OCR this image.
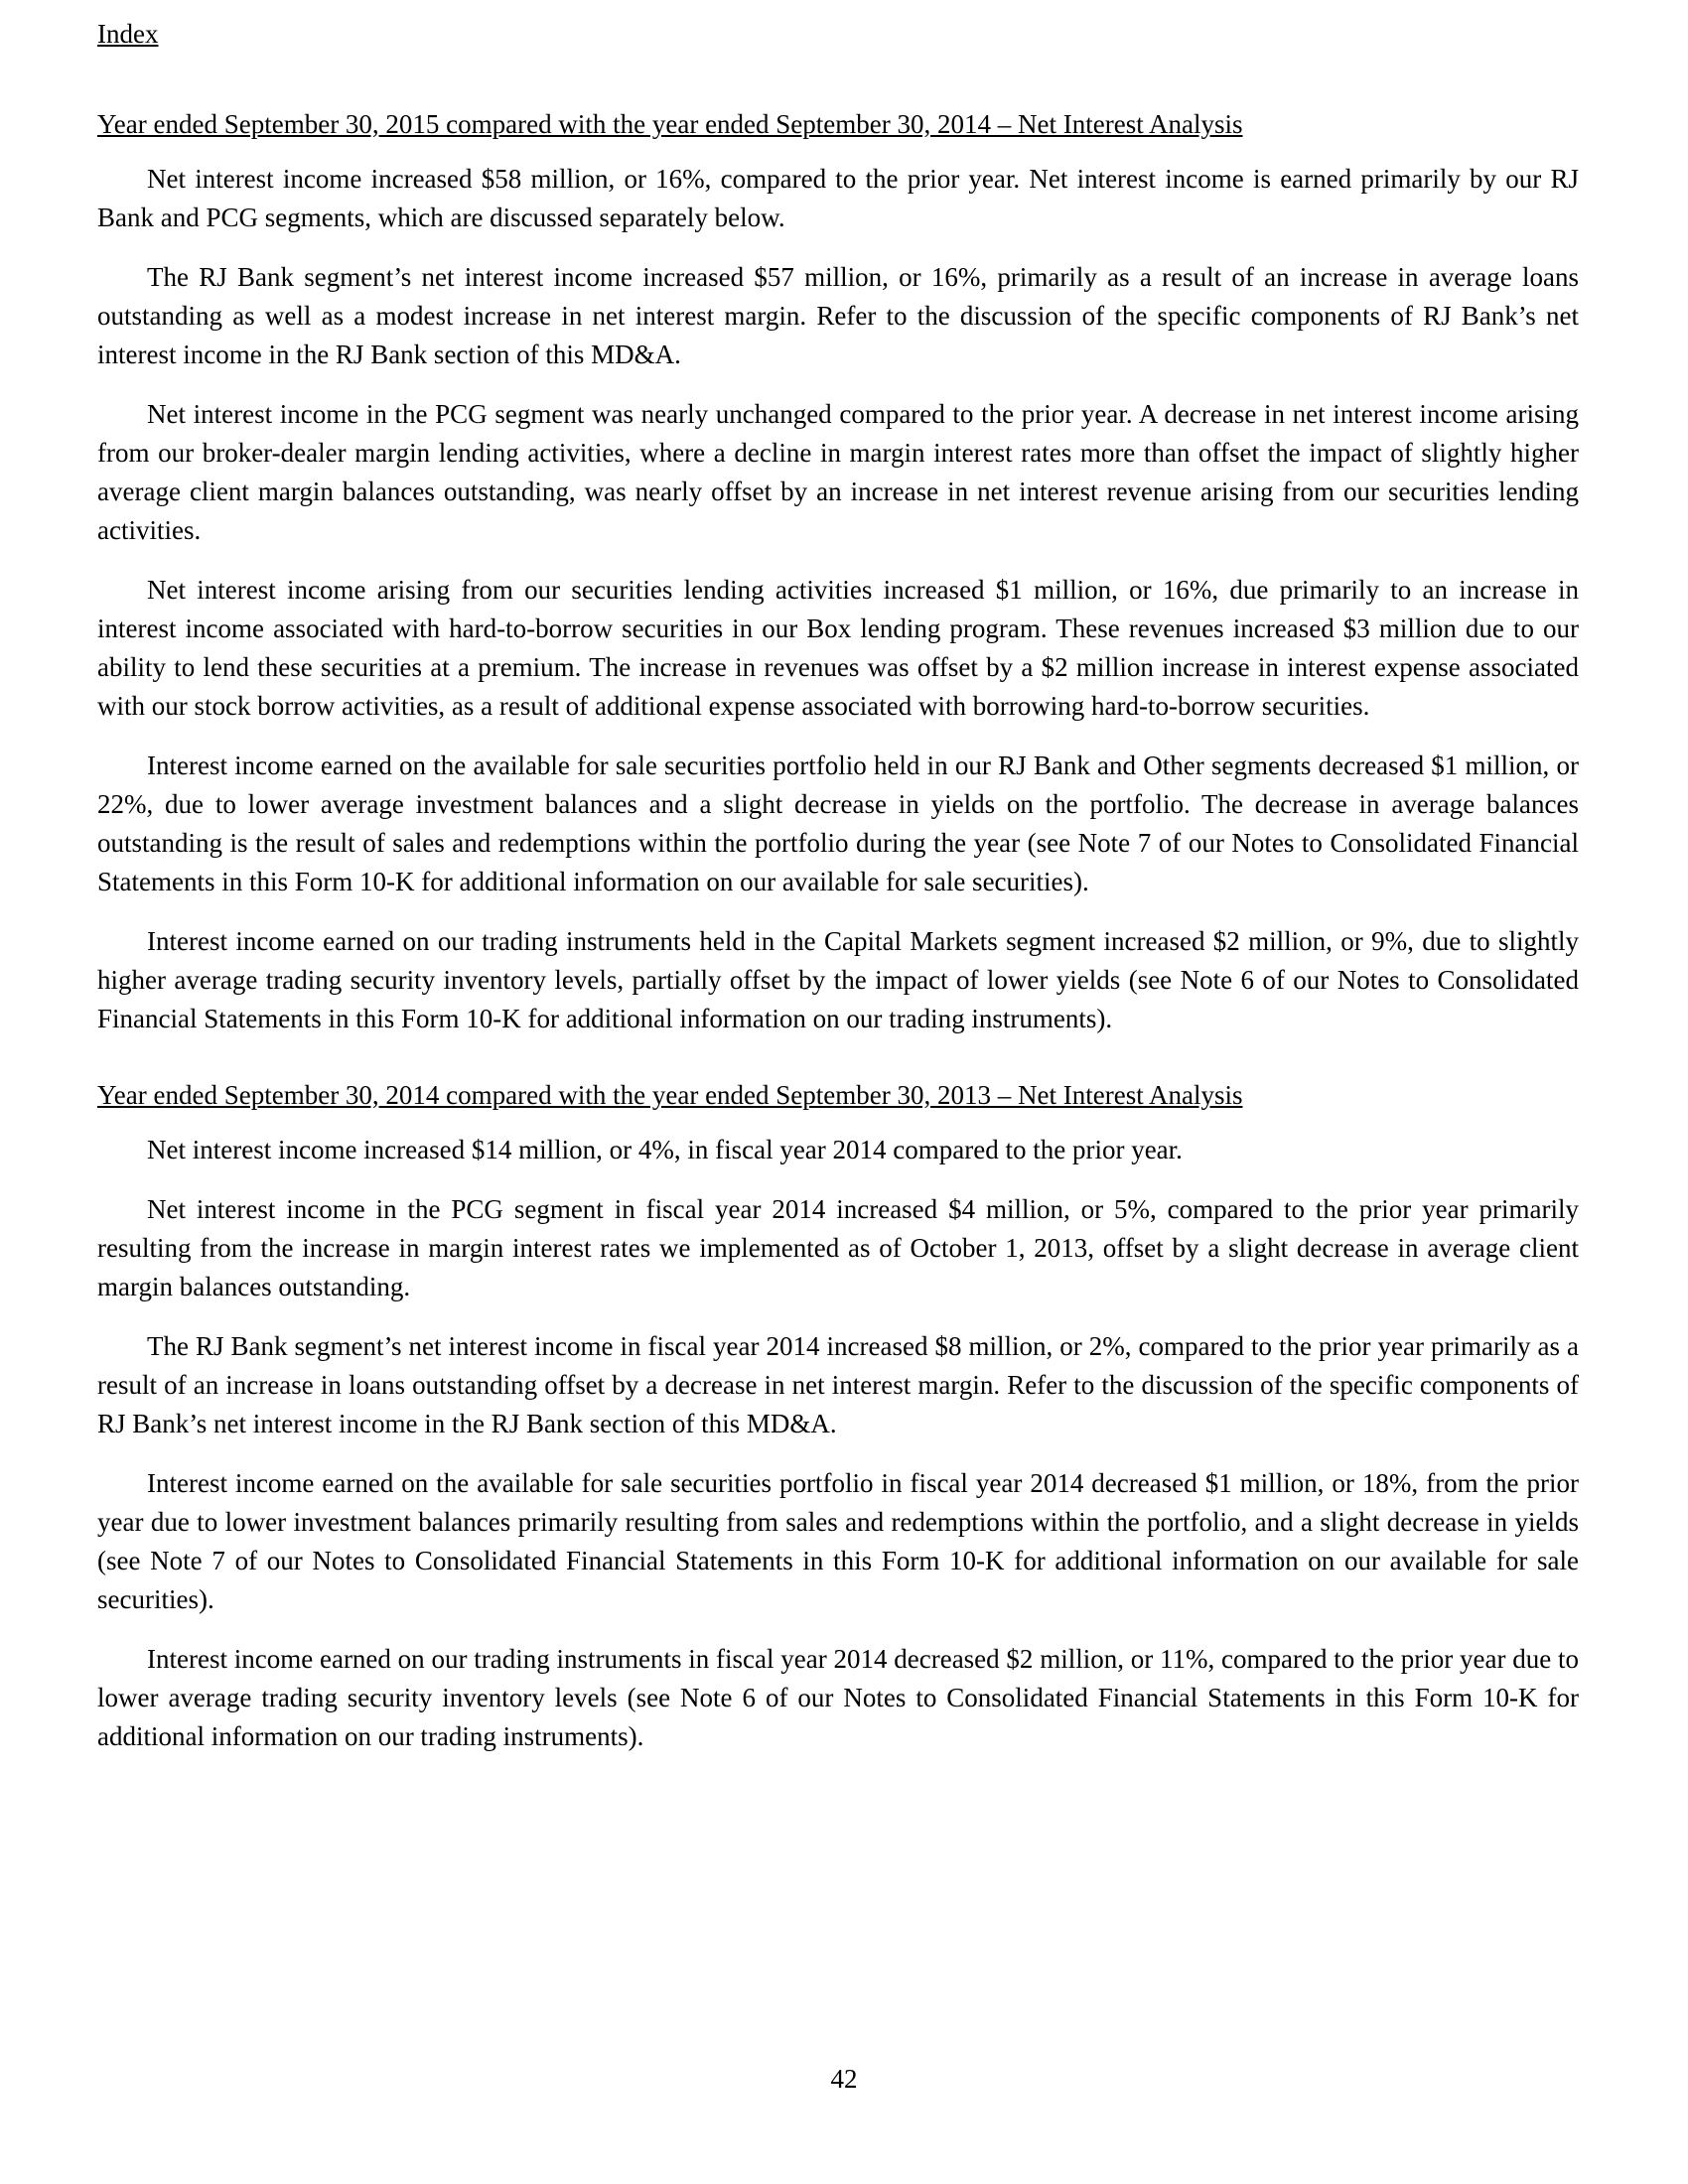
Index
Year ended September 30, 2015 compared with the year ended September 30, 2014 – Net Interest Analysis

Net interest income increased $58 million, or 16%, compared to the prior year. Net interest income is earned primarily by our RJ Bank and PCG segments, which are discussed separately below.

The RJ Bank segment’s net interest income increased $57 million, or 16%, primarily as a result of an increase in average loans outstanding as well as a modest increase in net interest margin. Refer to the discussion of the specific components of RJ Bank’s net interest income in the RJ Bank section of this MD&A.

Net interest income in the PCG segment was nearly unchanged compared to the prior year. A decrease in net interest income arising from our broker-dealer margin lending activities, where a decline in margin interest rates more than offset the impact of slightly higher average client margin balances outstanding, was nearly offset by an increase in net interest revenue arising from our securities lending activities.

Net interest income arising from our securities lending activities increased $1 million, or 16%, due primarily to an increase in interest income associated with hard-to-borrow securities in our Box lending program. These revenues increased $3 million due to our ability to lend these securities at a premium. The increase in revenues was offset by a $2 million increase in interest expense associated with our stock borrow activities, as a result of additional expense associated with borrowing hard-to-borrow securities.

Interest income earned on the available for sale securities portfolio held in our RJ Bank and Other segments decreased $1 million, or 22%, due to lower average investment balances and a slight decrease in yields on the portfolio. The decrease in average balances outstanding is the result of sales and redemptions within the portfolio during the year (see Note 7 of our Notes to Consolidated Financial Statements in this Form 10-K for additional information on our available for sale securities).

Interest income earned on our trading instruments held in the Capital Markets segment increased $2 million, or 9%, due to slightly higher average trading security inventory levels, partially offset by the impact of lower yields (see Note 6 of our Notes to Consolidated Financial Statements in this Form 10-K for additional information on our trading instruments).

Year ended September 30, 2014 compared with the year ended September 30, 2013 – Net Interest Analysis

Net interest income increased $14 million, or 4%, in fiscal year 2014 compared to the prior year.

Net interest income in the PCG segment in fiscal year 2014 increased $4 million, or 5%, compared to the prior year primarily resulting from the increase in margin interest rates we implemented as of October 1, 2013, offset by a slight decrease in average client margin balances outstanding.

The RJ Bank segment’s net interest income in fiscal year 2014 increased $8 million, or 2%, compared to the prior year primarily as a result of an increase in loans outstanding offset by a decrease in net interest margin. Refer to the discussion of the specific components of RJ Bank’s net interest income in the RJ Bank section of this MD&A.

Interest income earned on the available for sale securities portfolio in fiscal year 2014 decreased $1 million, or 18%, from the prior year due to lower investment balances primarily resulting from sales and redemptions within the portfolio, and a slight decrease in yields (see Note 7 of our Notes to Consolidated Financial Statements in this Form 10-K for additional information on our available for sale securities).

Interest income earned on our trading instruments in fiscal year 2014 decreased $2 million, or 11%, compared to the prior year due to lower average trading security inventory levels (see Note 6 of our Notes to Consolidated Financial Statements in this Form 10-K for additional information on our trading instruments).

42
